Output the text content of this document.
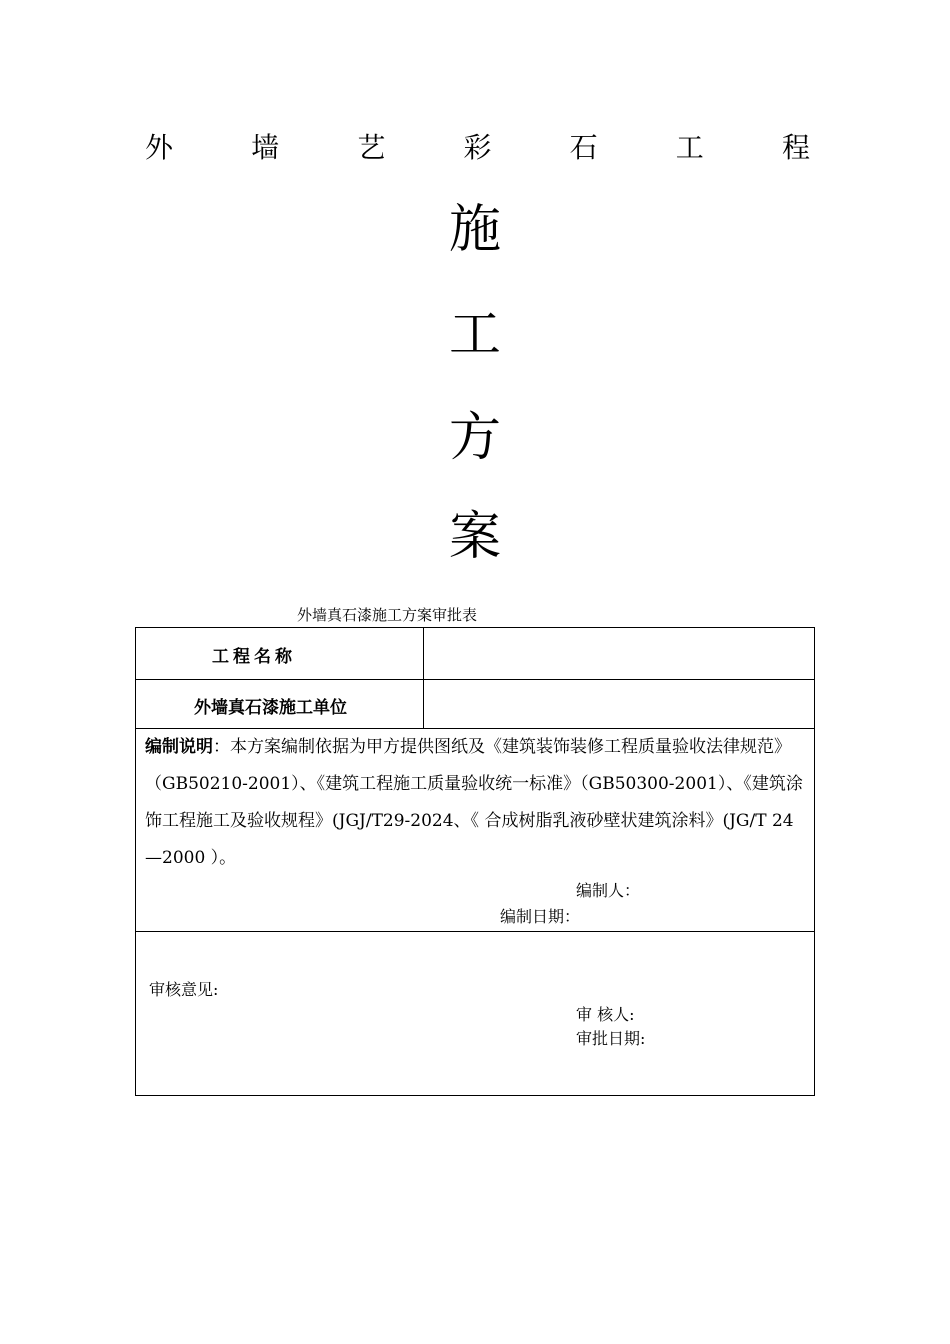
外	墙	艺	彩	石	工	程
施
工
方
案
外墙真石漆施工方案审批表
工程名称
外墙真石漆施工单位
编制说明：本方案编制依据为甲方提供图纸及《建筑装饰装修工程质量验收法律规范》（GB50210-2001）、《建筑工程施工质量验收统一标准》（GB50300-2001）、《建筑涂饰工程施工及验收规程》(JGJ/T29-2024、《 合成树脂乳液砂壁状建筑涂料》(JG/T 24—2000 ）。
编制人：
编制日期：
审核意见:
审 核人:
审批日期:
